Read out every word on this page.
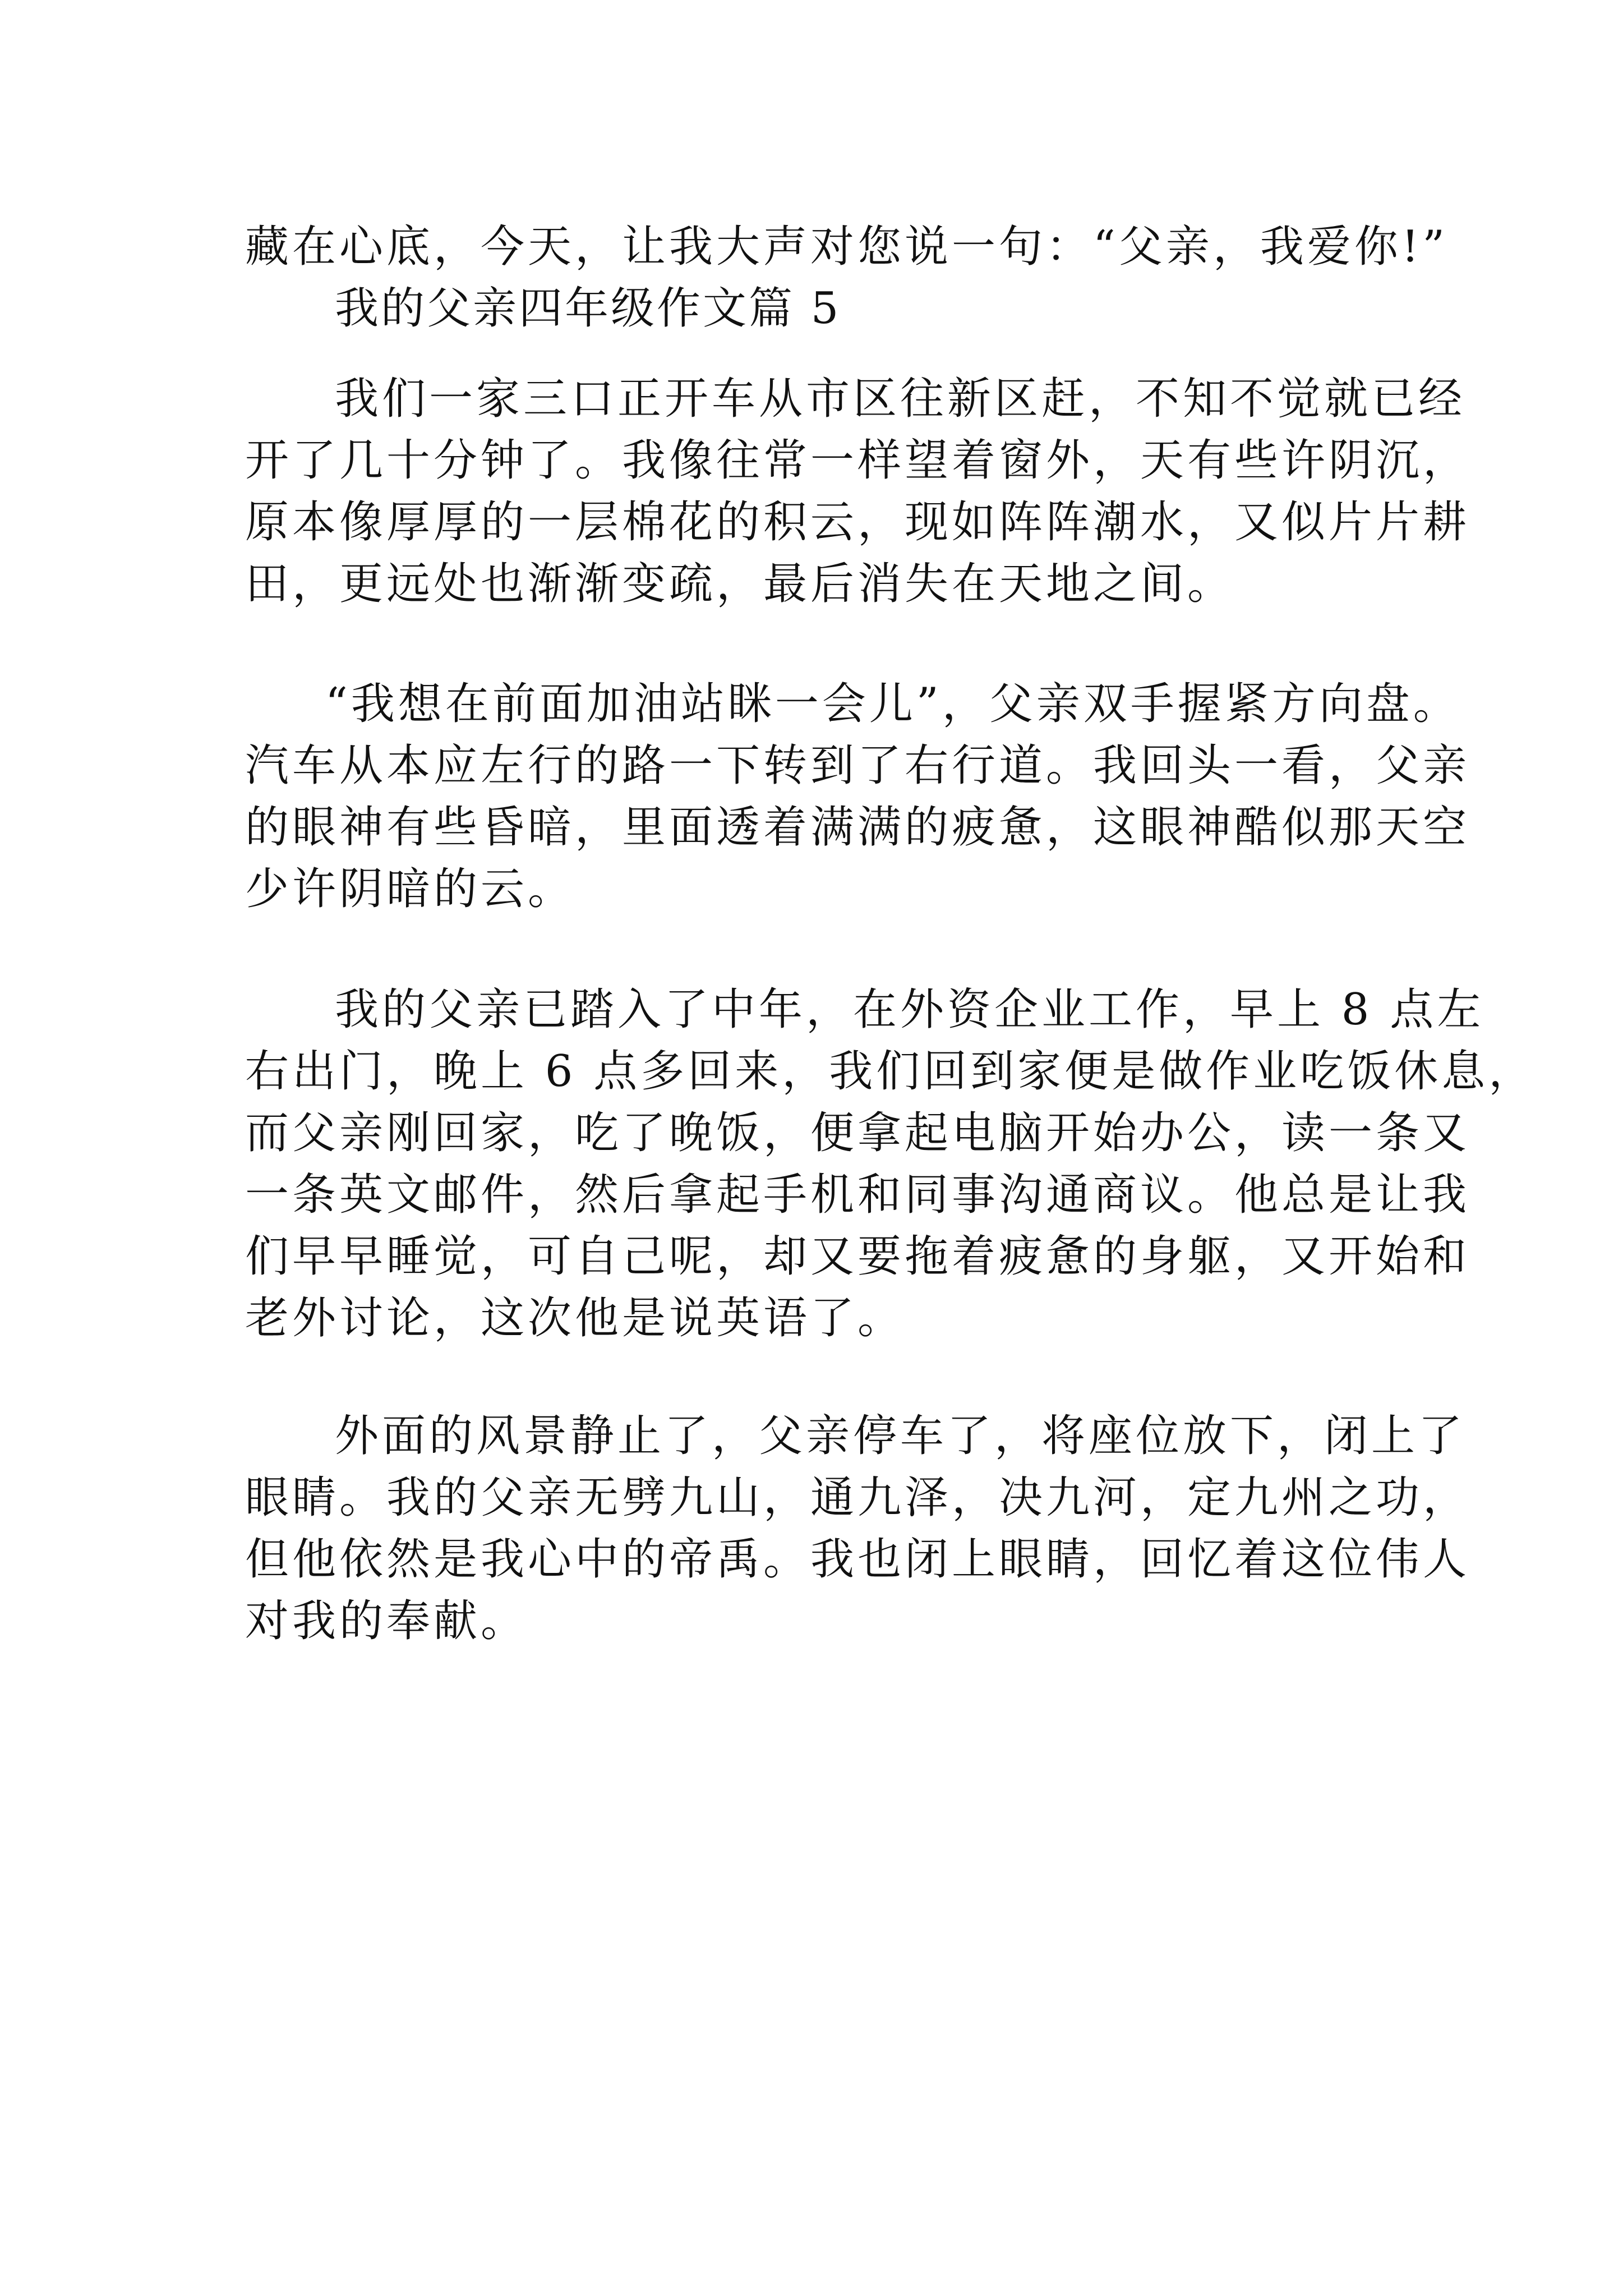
藏在心底，今天，让我大声对您说一句：“父亲，我爱你!”
我的父亲四年级作文篇 5
我们一家三口正开车从市区往新区赶，不知不觉就已经
开了几十分钟了。我像往常一样望着窗外，天有些许阴沉，
原本像厚厚的一层棉花的积云，现如阵阵潮水，又似片片耕
田，更远处也渐渐变疏，最后消失在天地之间。
“我想在前面加油站眯一会儿”，父亲双手握紧方向盘。
汽车从本应左行的路一下转到了右行道。我回头一看，父亲
的眼神有些昏暗，里面透着满满的疲惫，这眼神酷似那天空
少许阴暗的云。
我的父亲已踏入了中年，在外资企业工作，早上 8 点左
右出门，晚上 6 点多回来，我们回到家便是做作业吃饭休息，
而父亲刚回家，吃了晚饭，便拿起电脑开始办公，读一条又
一条英文邮件，然后拿起手机和同事沟通商议。他总是让我
们早早睡觉，可自己呢，却又要拖着疲惫的身躯，又开始和
老外讨论，这次他是说英语了。
外面的风景静止了，父亲停车了，将座位放下，闭上了
眼睛。我的父亲无劈九山，通九泽，决九河，定九州之功，
但他依然是我心中的帝禹。我也闭上眼睛，回忆着这位伟人
对我的奉献。
